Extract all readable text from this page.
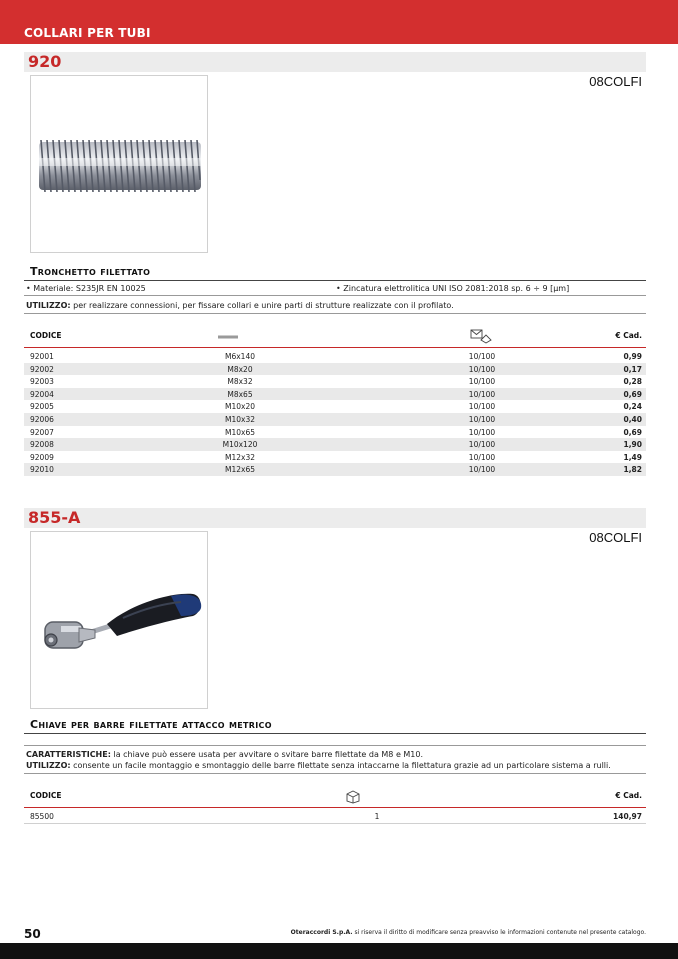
COLLARI PER TUBI
920
08COLFI
Tronchetto filettato
• Materiale: S235JR EN 10025	• Zincatura elettrolitica UNI ISO 2081:2018 sp. 6 ÷ 9 [µm]
UTILIZZO: per realizzare connessioni, per fissare collari e unire parti di strutture realizzate con il profilato.
CODICE	€ Cad.
92001	M6x140	10/100	0,99
92002	M8x20	10/100	0,17
92003	M8x32	10/100	0,28
92004	M8x65	10/100	0,69
92005	M10x20	10/100	0,24
92006	M10x32	10/100	0,40
92007	M10x65	10/100	0,69
92008	M10x120	10/100	1,90
92009	M12x32	10/100	1,49
92010	M12x65	10/100	1,82
855-A
08COLFI
Chiave per barre filettate attacco metrico
CARATTERISTICHE: la chiave può essere usata per avvitare o svitare barre filettate da M8 e M10.
UTILIZZO: consente un facile montaggio e smontaggio delle barre filettate senza intaccarne la filettatura grazie ad un particolare sistema a rulli.
CODICE	€ Cad.
85500	1	140,97
50	Oteraccordi S.p.A. si riserva il diritto di modificare senza preavviso le informazioni contenute nel presente catalogo.
